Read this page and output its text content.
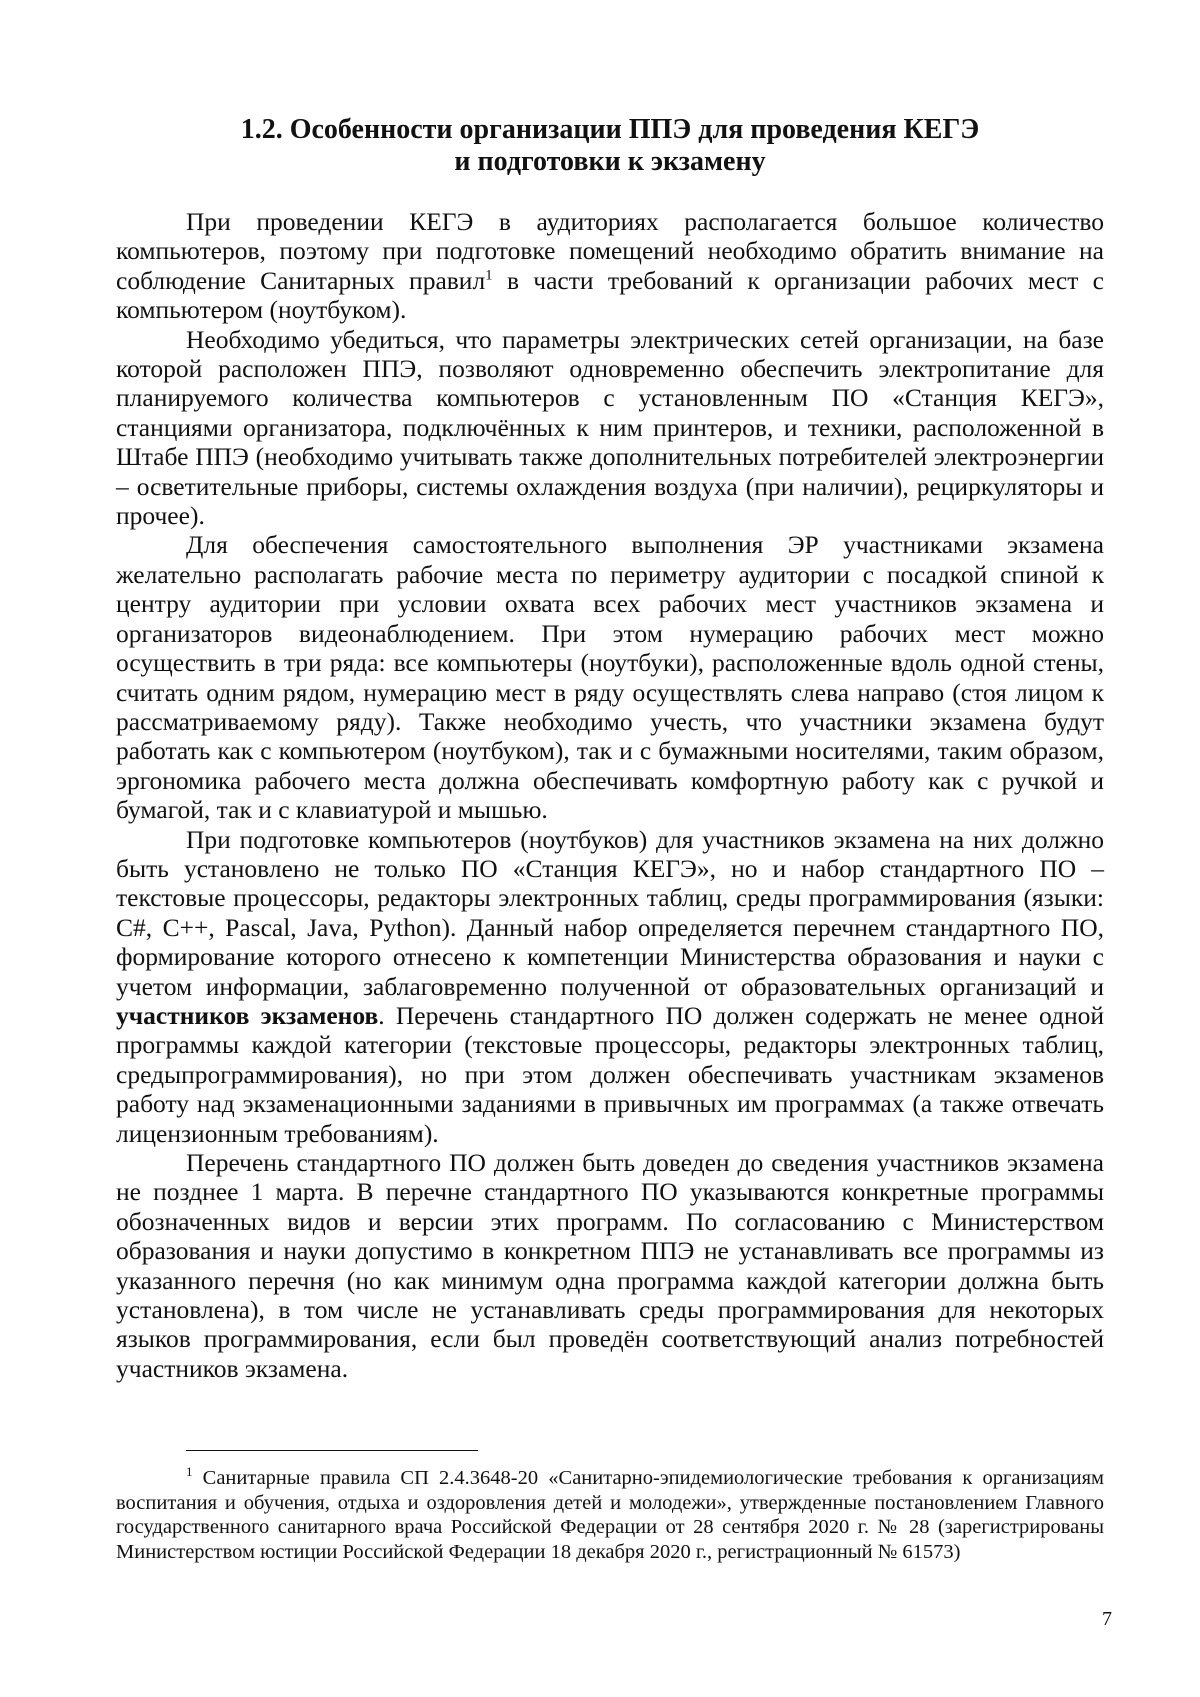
1.2. Особенности организации ППЭ для проведения КЕГЭ
и подготовки к экзамену

При проведении КЕГЭ в аудиториях располагается большое количество компьютеров, поэтому при подготовке помещений необходимо обратить внимание на соблюдение Санитарных правил$^1$ в части требований к организации рабочих мест с компьютером (ноутбуком).

Необходимо убедиться, что параметры электрических сетей организации, на базе которой расположен ППЭ, позволяют одновременно обеспечить электропитание для планируемого количества компьютеров с установленным ПО «Станция КЕГЭ», станциями организатора, подключённых к ним принтеров, и техники, расположенной в Штабе ППЭ (необходимо учитывать также дополнительных потребителей электроэнергии – осветительные приборы, системы охлаждения воздуха (при наличии), рециркуляторы и прочее).

Для обеспечения самостоятельного выполнения ЭР участниками экзамена желательно располагать рабочие места по периметру аудитории с посадкой спиной к центру аудитории при условии охвата всех рабочих мест участников экзамена и организаторов видеонаблюдением. При этом нумерацию рабочих мест можно осуществить в три ряда: все компьютеры (ноутбуки), расположенные вдоль одной стены, считать одним рядом, нумерацию мест в ряду осуществлять слева направо (стоя лицом к рассматриваемому ряду). Также необходимо учесть, что участники экзамена будут работать как с компьютером (ноутбуком), так и с бумажными носителями, таким образом, эргономика рабочего места должна обеспечивать комфортную работу как с ручкой и бумагой, так и с клавиатурой и мышью.

При подготовке компьютеров (ноутбуков) для участников экзамена на них должно быть установлено не только ПО «Станция КЕГЭ», но и набор стандартного ПО – текстовые процессоры, редакторы электронных таблиц, среды программирования (языки: C#, C++, Pascal, Java, Python). Данный набор определяется перечнем стандартного ПО, формирование которого отнесено к компетенции Министерства образования и науки с учетом информации, заблаговременно полученной от образовательных организаций и участников экзаменов. Перечень стандартного ПО должен содержать не менее одной программы каждой категории (текстовые процессоры, редакторы электронных таблиц, средыпрограммирования), но при этом должен обеспечивать участникам экзаменов работу над экзаменационными заданиями в привычных им программах (а также отвечать лицензионным требованиям).

Перечень стандартного ПО должен быть доведен до сведения участников экзамена не позднее 1 марта. В перечне стандартного ПО указываются конкретные программы обозначенных видов и версии этих программ. По согласованию с Министерством образования и науки допустимо в конкретном ППЭ не устанавливать все программы из указанного перечня (но как минимум одна программа каждой категории должна быть установлена), в том числе не устанавливать среды программирования для некоторых языков программирования, если был проведён соответствующий анализ потребностей участников экзамена.

$^1$ Санитарные правила СП 2.4.3648-20 «Санитарно-эпидемиологические требования к организациям воспитания и обучения, отдыха и оздоровления детей и молодежи», утвержденные постановлением Главного государственного санитарного врача Российской Федерации от 28 сентября 2020 г. № 28 (зарегистрированы Министерством юстиции Российской Федерации 18 декабря 2020 г., регистрационный № 61573)

7
